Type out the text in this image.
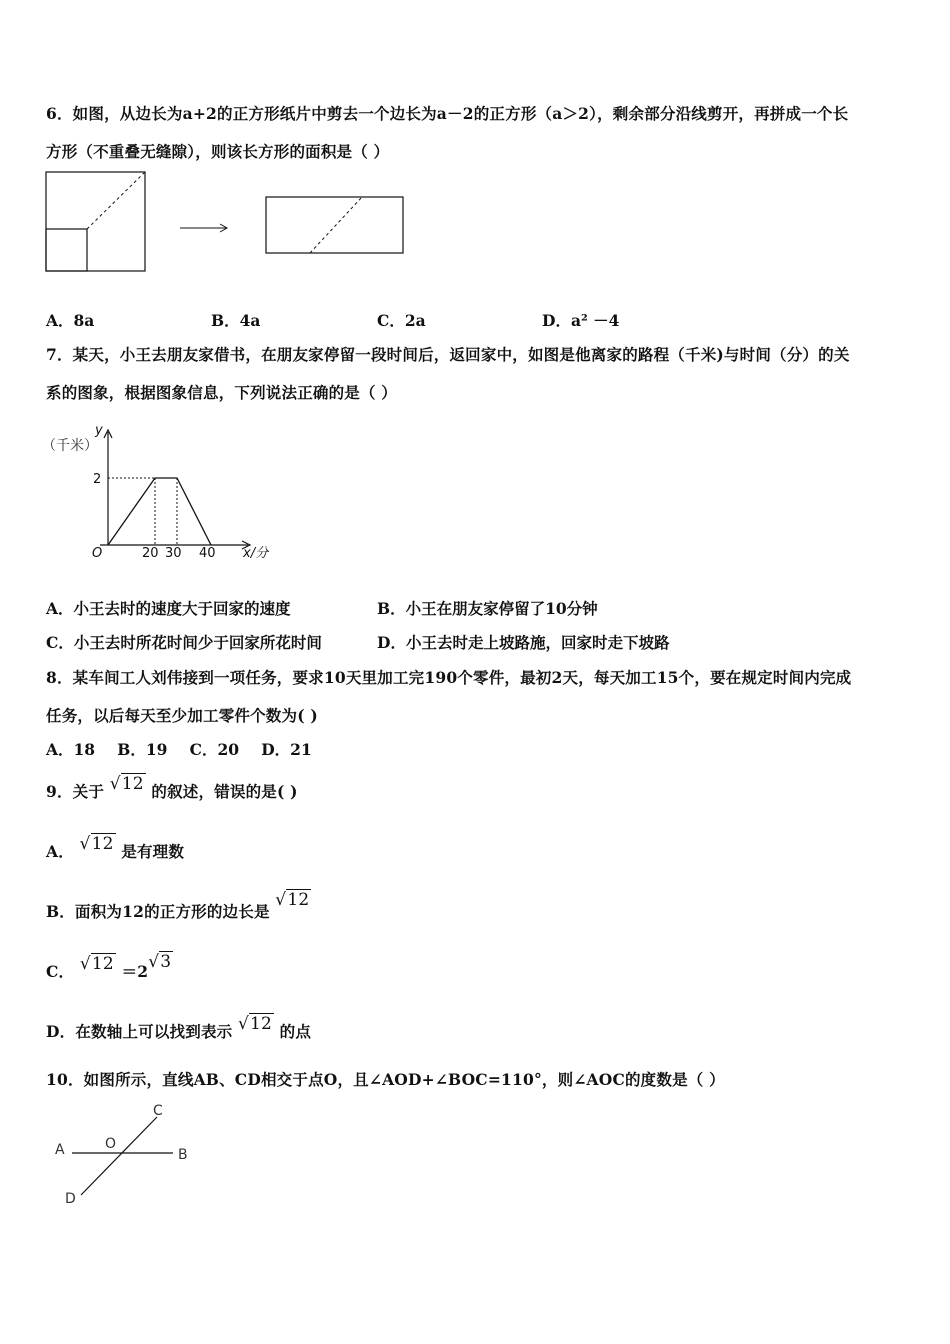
6．如图，从边长为a+2的正方形纸片中剪去一个边长为a－2的正方形（a＞2），剩余部分沿线剪开，再拼成一个长
方形（不重叠无缝隙），则该长方形的面积是（ ）
A．8a	B．4a	C．2a	D．a² －4
7．某天，小王去朋友家借书，在朋友家停留一段时间后，返回家中，如图是他离家的路程（千米)与时间（分）的关
系的图象，根据图象信息，下列说法正确的是（ ）
（千米）
y
O
2
20 30 40 x/分
A．小王去时的速度大于回家的速度	B．小王在朋友家停留了10分钟
C．小王去时所花时间少于回家所花时间	D．小王去时走上坡路施，回家时走下坡路
8．某车间工人刘伟接到一项任务，要求10天里加工完190个零件，最初2天，每天加工15个，要在规定时间内完成
任务，以后每天至少加工零件个数为( )
A．18   B．19   C．20   D．21
9．关于 √12 的叙述，错误的是( )
A． √12 是有理数
B．面积为12的正方形的边长是 √12
C． √12 ＝2√3
D．在数轴上可以找到表示 √12 的点
10．如图所示，直线AB、CD相交于点O，且∠AOD+∠BOC=110°，则∠AOC的度数是（ ）
A	B
C
D
O
